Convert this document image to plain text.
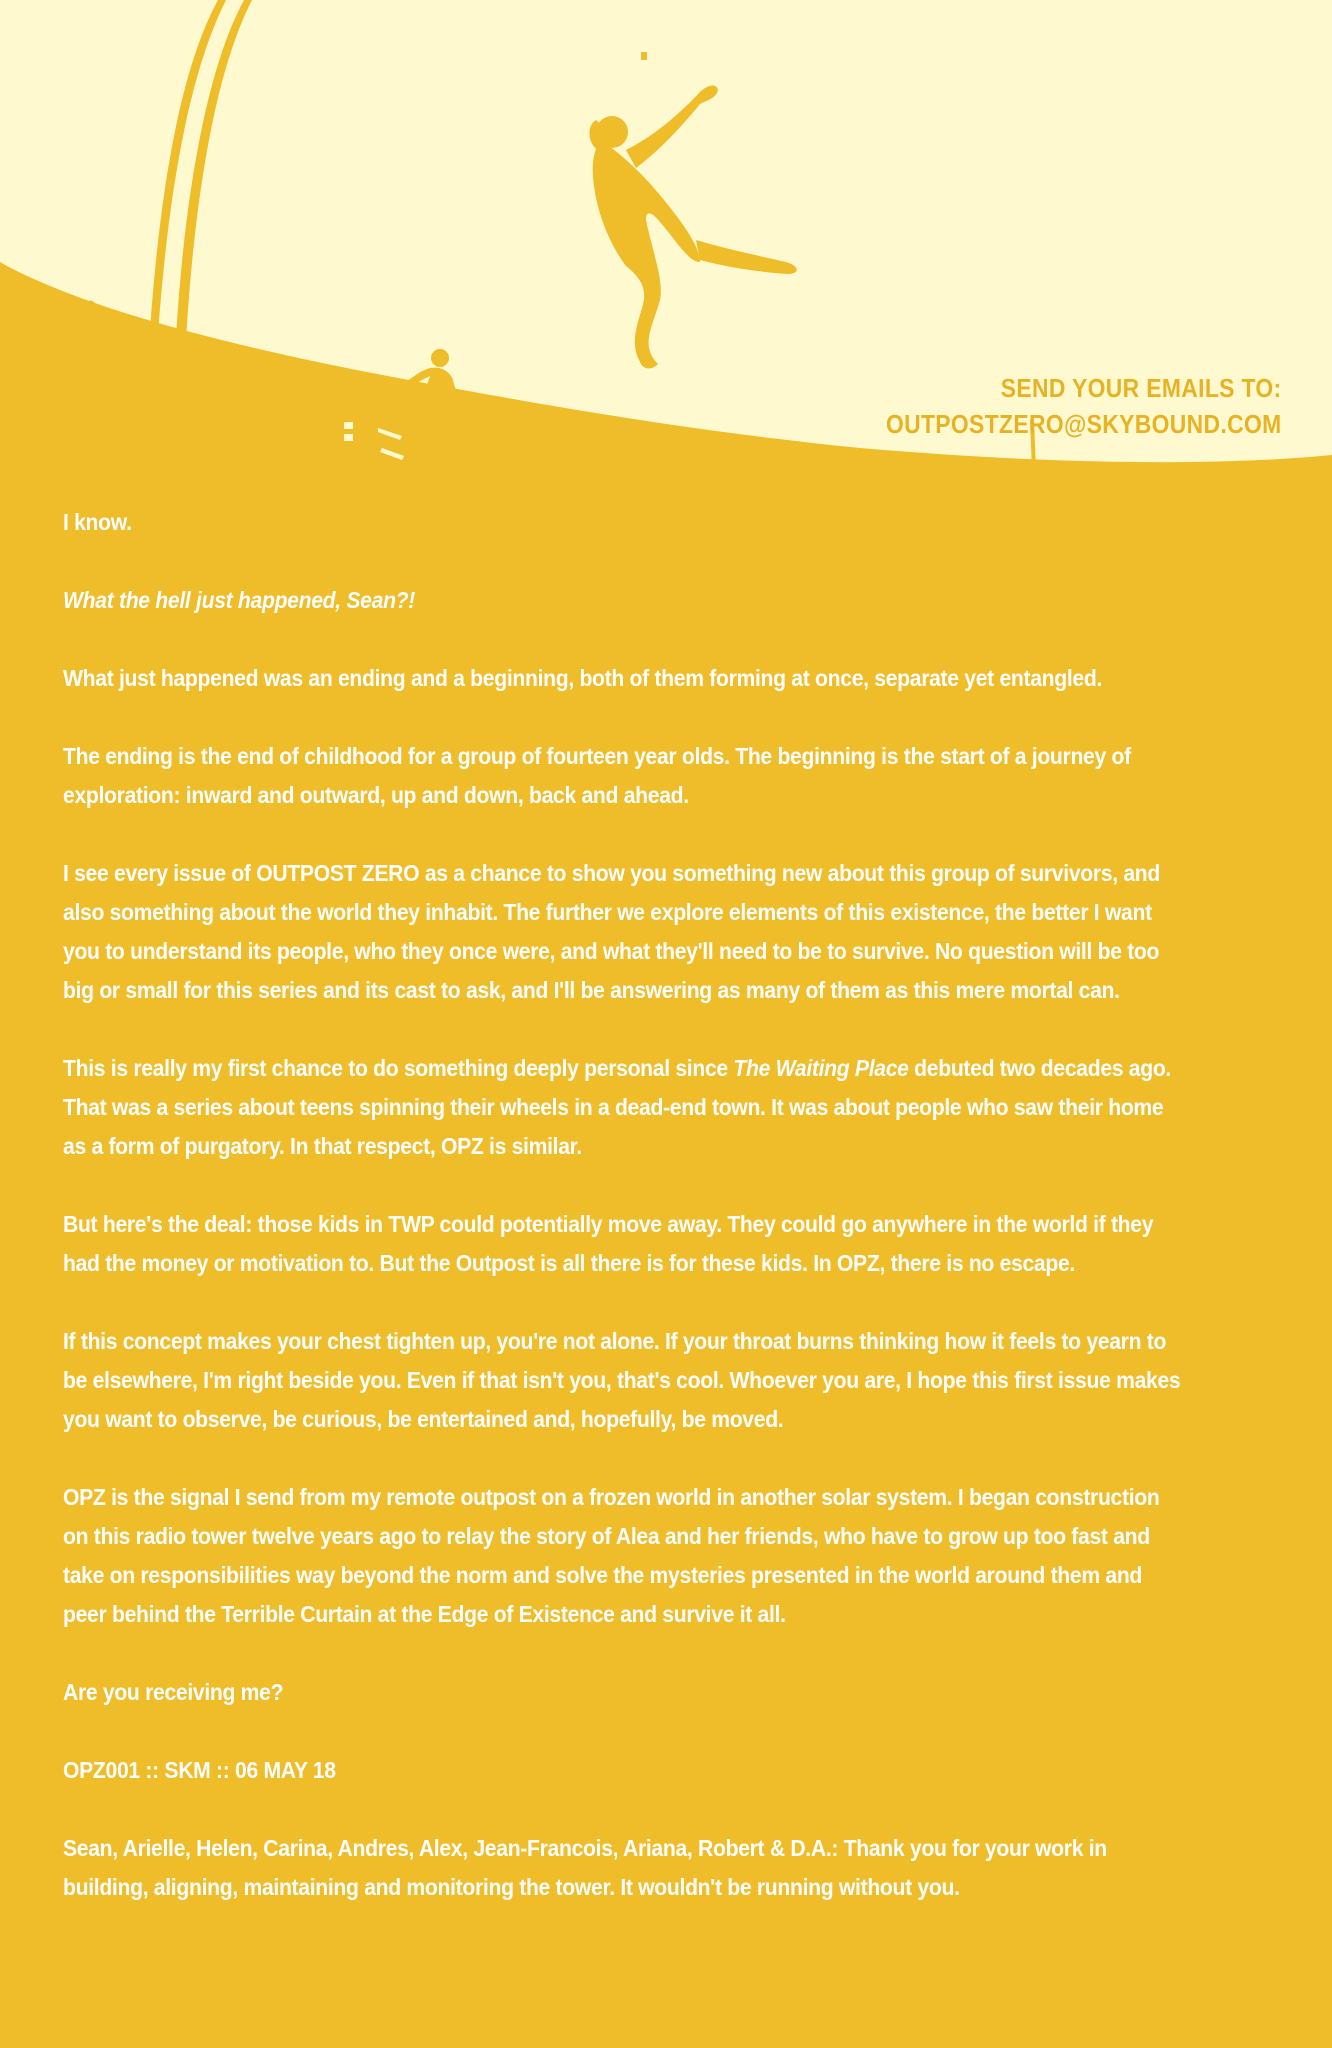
SEND YOUR EMAILS TO:
OUTPOSTZERO@SKYBOUND.COM

I know.

What the hell just happened, Sean?!

What just happened was an ending and a beginning, both of them forming at once, separate yet entangled.

The ending is the end of childhood for a group of fourteen year olds. The beginning is the start of a journey of exploration: inward and outward, up and down, back and ahead.

I see every issue of OUTPOST ZERO as a chance to show you something new about this group of survivors, and also something about the world they inhabit. The further we explore elements of this existence, the better I want you to understand its people, who they once were, and what they'll need to be to survive. No question will be too big or small for this series and its cast to ask, and I'll be answering as many of them as this mere mortal can.

This is really my first chance to do something deeply personal since The Waiting Place debuted two decades ago. That was a series about teens spinning their wheels in a dead-end town. It was about people who saw their home as a form of purgatory. In that respect, OPZ is similar.

But here's the deal: those kids in TWP could potentially move away. They could go anywhere in the world if they had the money or motivation to. But the Outpost is all there is for these kids. In OPZ, there is no escape.

If this concept makes your chest tighten up, you're not alone. If your throat burns thinking how it feels to yearn to be elsewhere, I'm right beside you. Even if that isn't you, that's cool. Whoever you are, I hope this first issue makes you want to observe, be curious, be entertained and, hopefully, be moved.

OPZ is the signal I send from my remote outpost on a frozen world in another solar system. I began construction on this radio tower twelve years ago to relay the story of Alea and her friends, who have to grow up too fast and take on responsibilities way beyond the norm and solve the mysteries presented in the world around them and peer behind the Terrible Curtain at the Edge of Existence and survive it all.

Are you receiving me?

OPZ001 :: SKM :: 06 MAY 18

Sean, Arielle, Helen, Carina, Andres, Alex, Jean-Francois, Ariana, Robert & D.A.: Thank you for your work in building, aligning, maintaining and monitoring the tower. It wouldn't be running without you.
